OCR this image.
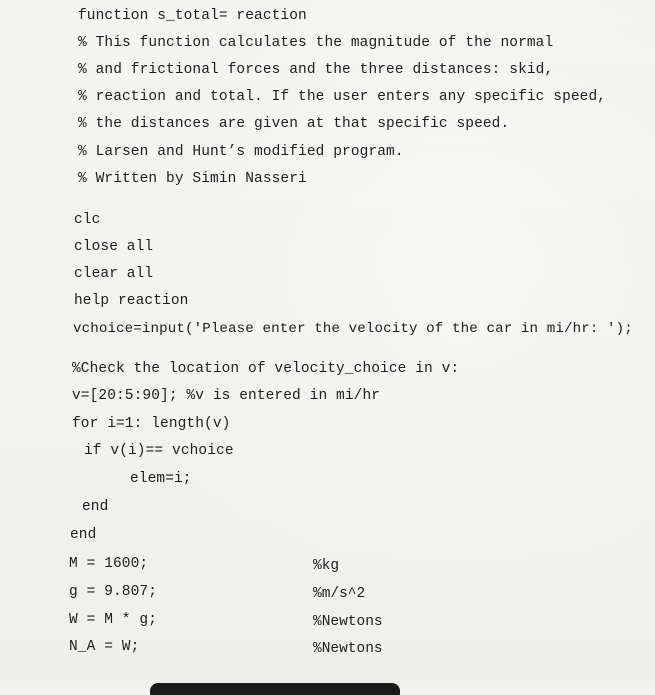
function s_total= reaction
% This function calculates the magnitude of the normal
% and frictional forces and the three distances: skid,
% reaction and total. If the user enters any specific speed,
% the distances are given at that specific speed.
% Larsen and Hunt’s modified program.
% Written by Simin Nasseri
clc
close all
clear all
help reaction
vchoice=input('Please enter the velocity of the car in mi/hr: ');
%Check the location of velocity_choice in v:
v=[20:5:90]; %v is entered in mi/hr
for i=1: length(v)
if v(i)== vchoice
elem=i;
end
end
M = 1600;	%kg
g = 9.807;	%m/s^2
W = M * g;	%Newtons
N_A = W;	%Newtons
